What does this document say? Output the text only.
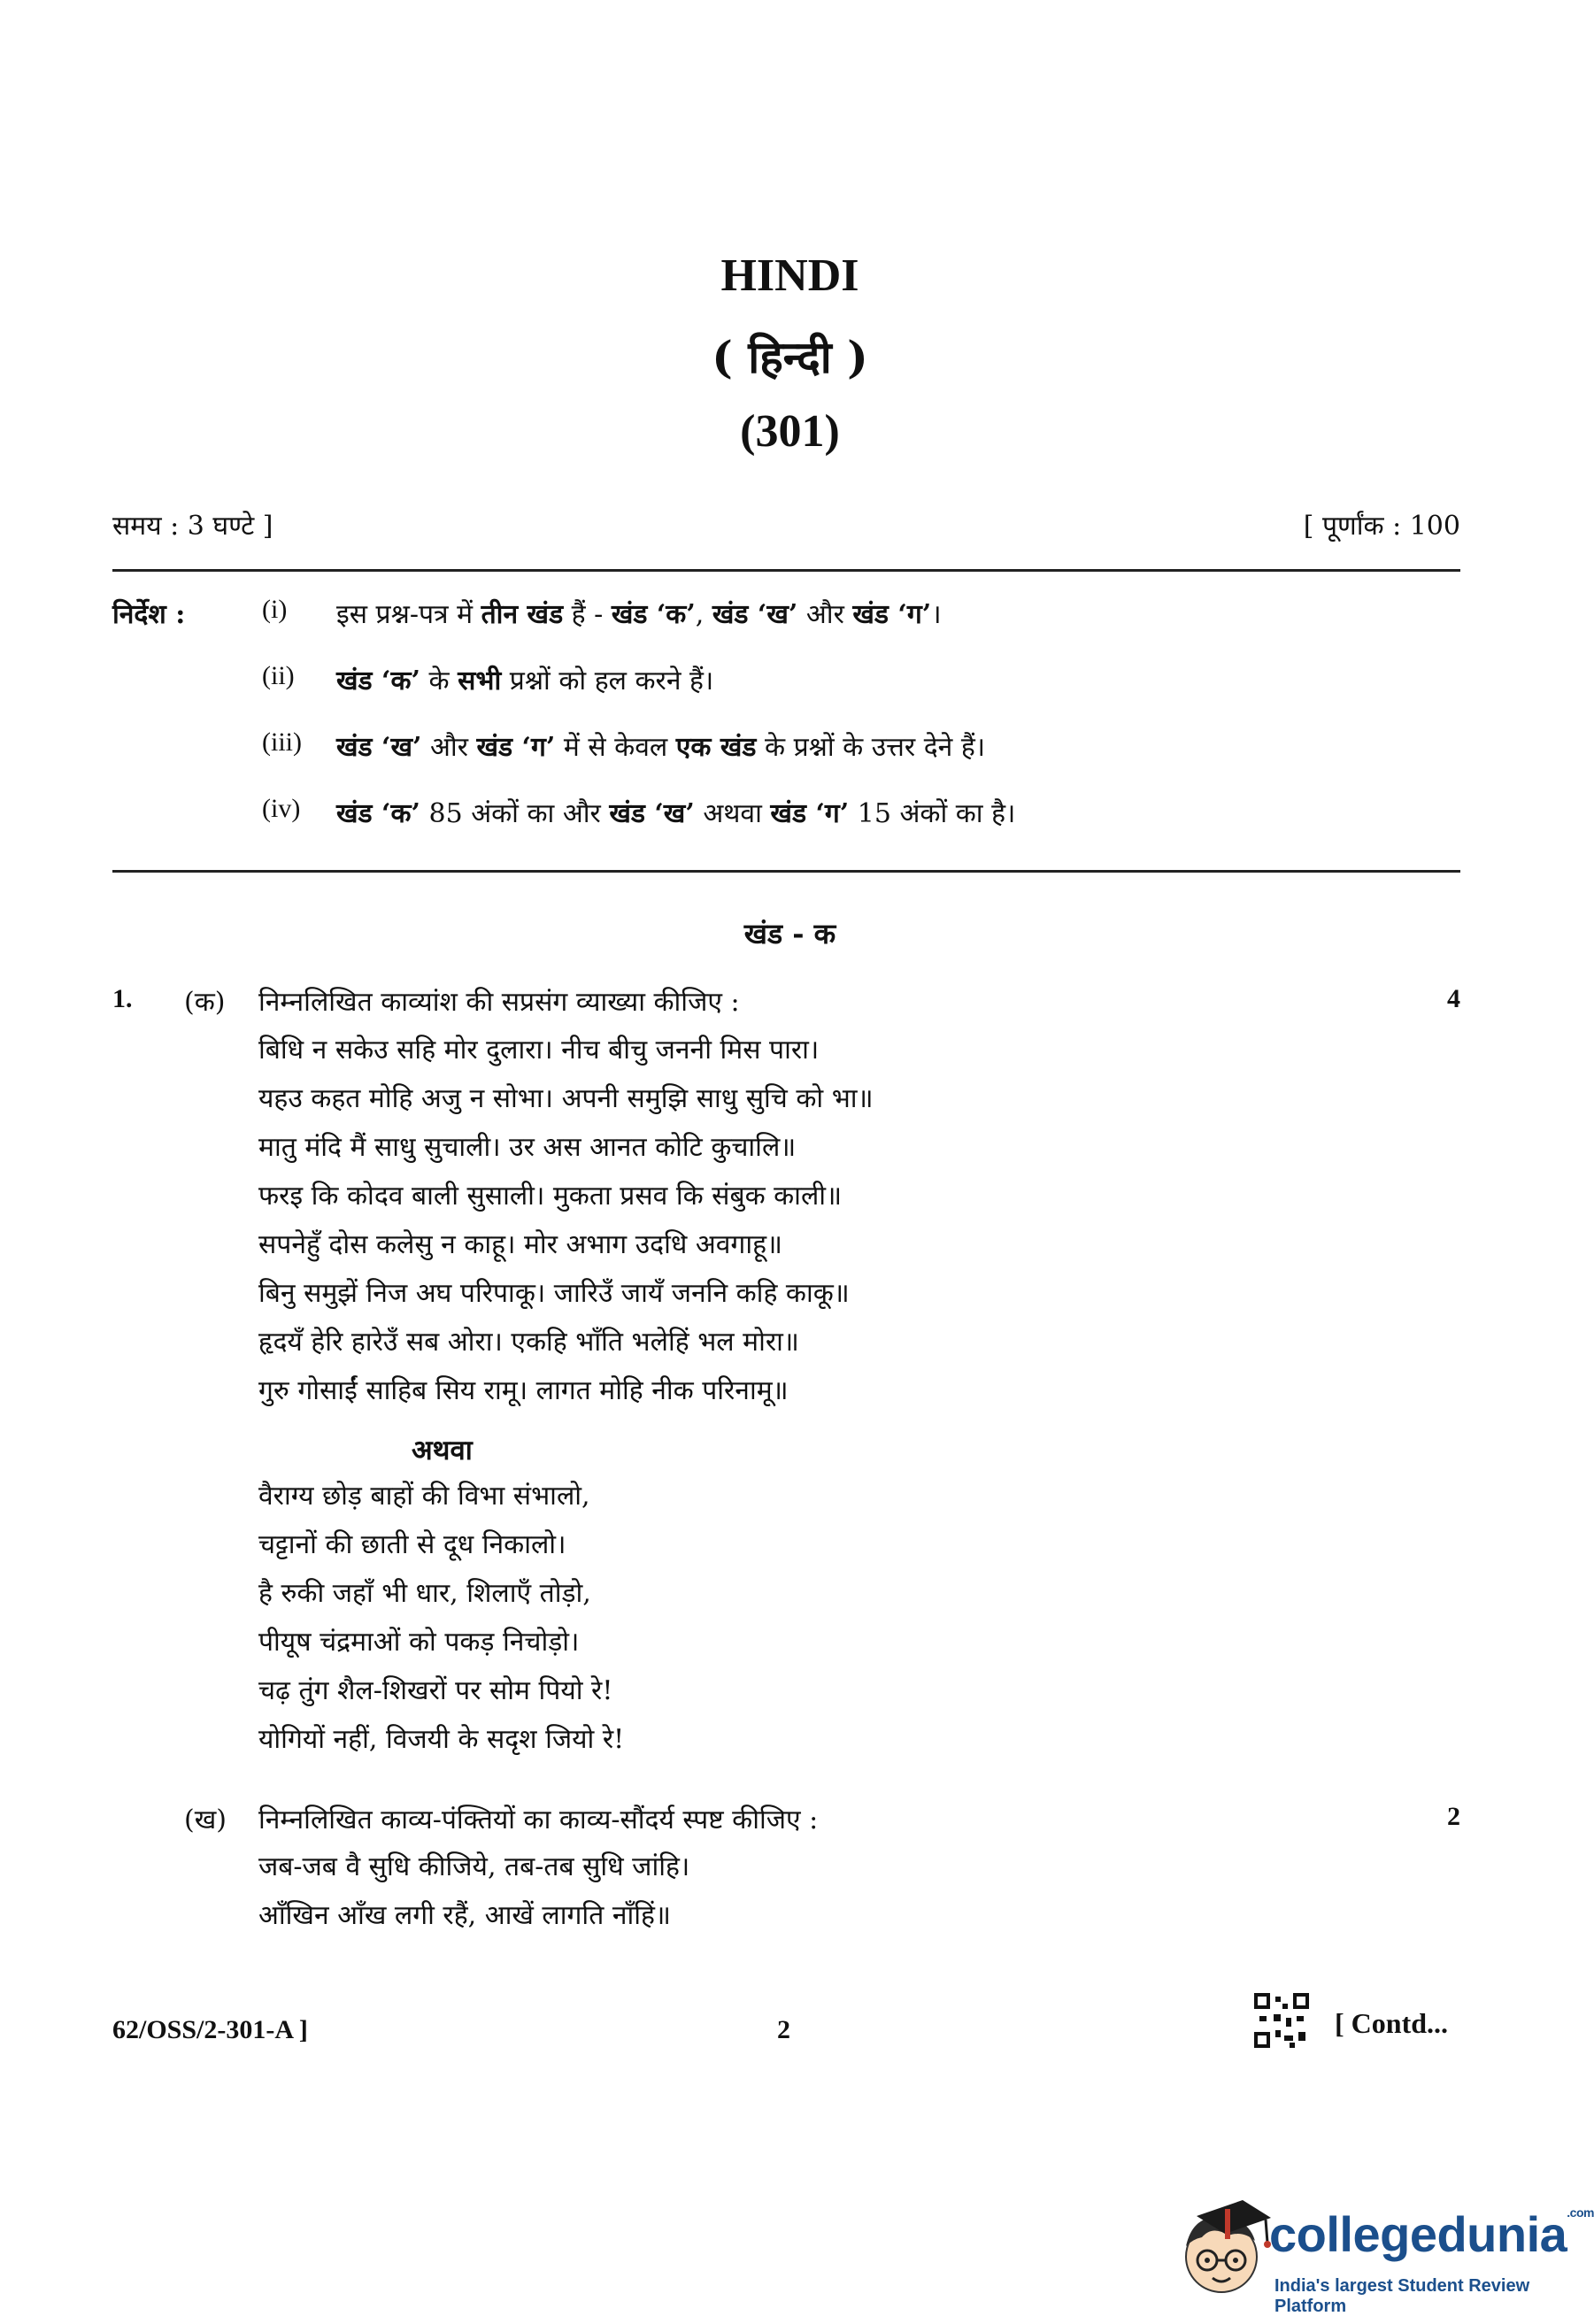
HINDI
( हिन्दी )
(301)
समय : 3 घण्टे ]	[ पूर्णांक : 100
निर्देश :	(i) इस प्रश्न-पत्र में तीन खंड हैं - खंड ‘क’, खंड ‘ख’ और खंड ‘ग’।
(ii) खंड ‘क’ के सभी प्रश्नों को हल करने हैं।
(iii) खंड ‘ख’ और खंड ‘ग’ में से केवल एक खंड के प्रश्नों के उत्तर देने हैं।
(iv) खंड ‘क’ 85 अंकों का और खंड ‘ख’ अथवा खंड ‘ग’ 15 अंकों का है।
खंड - क
1. (क) निम्नलिखित काव्यांश की सप्रसंग व्याख्या कीजिए :	4
बिधि न सकेउ सहि मोर दुलारा। नीच बीचु जननी मिस पारा।
यहउ कहत मोहि अजु न सोभा। अपनी समुझि साधु सुचि को भा॥
मातु मंदि मैं साधु सुचाली। उर अस आनत कोटि कुचालि॥
फरइ कि कोदव बाली सुसाली। मुकता प्रसव कि संबुक काली॥
सपनेहुँ दोस कलेसु न काहू। मोर अभाग उदधि अवगाहू॥
बिनु समुझें निज अघ परिपाकू। जारिउँ जायँ जननि कहि काकू॥
हृदयँ हेरि हारेउँ सब ओरा। एकहि भाँति भलेहिं भल मोरा॥
गुरु गोसाईं साहिब सिय रामू। लागत मोहि नीक परिनामू॥
अथवा
वैराग्य छोड़ बाहों की विभा संभालो,
चट्टानों की छाती से दूध निकालो।
है रुकी जहाँ भी धार, शिलाएँ तोड़ो,
पीयूष चंद्रमाओं को पकड़ निचोड़ो।
चढ़ तुंग शैल-शिखरों पर सोम पियो रे!
योगियों नहीं, विजयी के सदृश जियो रे!
(ख) निम्नलिखित काव्य-पंक्तियों का काव्य-सौंदर्य स्पष्ट कीजिए :	2
जब-जब वै सुधि कीजिये, तब-तब सुधि जांहि।
आँखिन आँख लगी रहैं, आखें लागति नाँहिं॥
62/OSS/2-301-A ]	2	[ Contd...
collegedunia$^{.com}$
India's largest Student Review Platform
